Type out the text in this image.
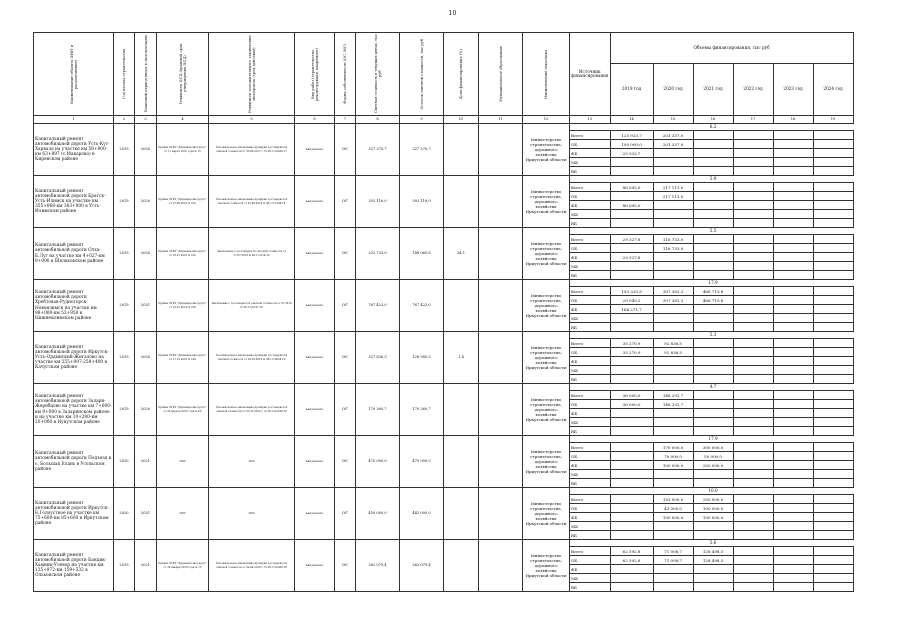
10
Наименование объекта (ИФУ и расположение)	Год начала строительства	Плановый период ввода в эксплуатацию	Реквизиты ПСД (правовой срок утверждения ПСД)	Реквизиты положительного заключения экспертизы (срок действия)	Вид работ (строительство, реконструкция, капремонт)	Форма собственности (ОС, МС)	Сметная стоимость в текущих ценах, тыс руб	Остаток сметной стоимости, тыс руб	Доля финансирования (%)	Муниципальное образование	Наименование заказчика	Источник финансирования	Объемы финансирования, тыс руб					
													2019 год	2020 год	2021 год	2022 год	2023 год	2024 год
1	2	3	4	5	6	7	8	9	10	11	12	13	14	15	16	17	18	19
Капитальный ремонт автомобильной дороги Усть-Кут-Харвала на участке км 56+000-км 63+897 (с.Макарово) в Киренском районе	2019	2020	Приказ ОГКУ "Дирекция автодорог" от 11 марта 2016 года № 15	Положительное заключение проверки достоверности сметной стоимости от 30.06.2017 г. № 38-1-5-0400-17	капремонт	ОС	327 270,7	327 270,7			Министерство строительства, дорожного хозяйства Иркутской области				6.2			
												Всего	125 933,7	201 337,0				
												ОБ	100 000,0	201 337,0				
												ФБ	25 933,7					
												МБ						
												ВБ						
Капитальный ремонт автомобильной дороги Братск-Усть-Илимск на участке км 355+068-км 363+000 в Усть-Илимском районе	2019	2020	Приказ ОГКУ "Дирекция автодорог" от 27.06.2018 № 192	Положительное заключение проверки достоверности сметной стоимости от 22.08.2018 № 38-1-5-0148-18	капремонт	ОС	303 116,0	303 116,0			Министерство строительства, дорожного хозяйства Иркутской области				5.9			
												Всего	86 005,0	217 111,0				
												ОБ		217 111,0				
												ФБ	86 005,0					
												МБ						
												ВБ						
Капитальный ремонт автомобильной дороги Олха-Б.Луг на участке км 4+027-км 9+000 в Шелеховском районе	2019	2020	Приказ ОГКУ "Дирекция автодорог" от 18.07.2018 № 210	Заключение о достоверности сметной стоимости от 17.07.2019 № 38-1-5-014-19	капремонт	ОС	222 733,0	146 065,8	34,1		Министерство строительства, дорожного хозяйства Иркутской области				5.5			
												Всего	29 327,8	116 733,0				
												ОБ		116 733,0				
												ФБ	29 327,8					
												МБ						
												ВБ						
Капитальный ремонт автомобильной дороги Хребтовая-Рудногорск-Новоилимск на участке км 98+000-км 53+950 в Нижнеилимском районе	2019	2021	Приказ ОГКУ "Дирекция автодорог" от 18.07.2019 № 190	Заключение о достоверности сметной стоимости от 07.2019 № 38-1-5-0137-19	капремонт	ОС	767 422,0	767 422,0			Министерство строительства, дорожного хозяйства Иркутской области				17.9			
												Всего	193 320,9	307 381,3	466 719,8			
												ОБ	29 049,2	307 381,3	466 719,8			
												ФБ	164 271,7					
												МБ						
												ВБ						
Капитальный ремонт автомобильной дороги Иркутск-Усть-Ордынский-Жигалово на участке км 255+097-258+400 в Качугском районе	2019	2020	Приказ ОГКУ "Дирекция автодорог" от 11.10.2018 № 196	Положительное заключение проверки достоверности сметной стоимости от 29.03.2019 № 38-1-5-0058-19	капремонт	ОС	327 836,5	128 985,5	1,4		Министерство строительства, дорожного хозяйства Иркутской области				5.3			
												Всего	35 270,9	92 836,5				
												ОБ	35 270,9	92 836,5				
												ФБ						
												МБ						
												ВБ						
Капитальный ремонт автомобильной дороги Залари-Жеребцово на участке км 7+000-км 9+000 в Заларинском районе и на участке км 10+200-км 20+000 в Нукутском районе	2019	2020	Приказ ОГКУ "Дирекция автодорог" от 28 апреля 2015 года № 66	Положительное заключение проверки достоверности сметной стоимости от 03.12.2015 г. № 38-1-4-0530-16	капремонт	ОС	170 260,7	170 260,7			Министерство строительства, дорожного хозяйства Иркутской области				4.7			
												Всего	36 000,0	148 291,7				
												ОБ	36 000,0	148 291,7				
												ФБ						
												МБ						
												ВБ						
Капитальный ремонт автомобильной дороги Подъезд к с. Большая Елань в Усольском районе	2020	2021	2020	2020	капремонт	ОС	470 000,0	470 000,0			Министерство строительства, дорожного хозяйства Иркутской области				17.9			
												Всего		170 000,0	300 000,0			
												ОБ		70 000,0	50 000,0			
												ФБ		100 000,0	250 000,0			
												МБ						
												ВБ						
Капитальный ремонт автомобильной дороги Иркутск-Б.Голоустное на участке км 75+600-км 85+600 в Иркутском районе	2020	2021	2020	2020	капремонт	ОС	450 000,0	443 000,0			Министерство строительства, дорожного хозяйства Иркутской области				10.0			
												Всего		193 000,0	250 000,0			
												ОБ		43 000,0	100 000,0			
												ФБ		150 000,0	150 000,0			
												МБ						
												ВБ						
Капитальный ремонт автомобильной дороги Бандик-Хамниц-Улевор на участке км 135+972-км 159+532 в Ольхонском районе	2019	2021	Приказ ОГКУ "Дирекция автодорог" от 29 января 2018 года № 15	Положительное заключение проверки достоверности сметной стоимости от 04.04.2018 г. № 38-1-5-0069-18	капремонт	ОС	262 079,4	262 079,4			Министерство строительства, дорожного хозяйства Иркутской области				5.6			
												Всего	62 592,8	71 008,7	128 498,5			
												ОБ	62 592,8	71 008,7	128 498,5			
												ФБ						
												МБ						
												ВБ						
